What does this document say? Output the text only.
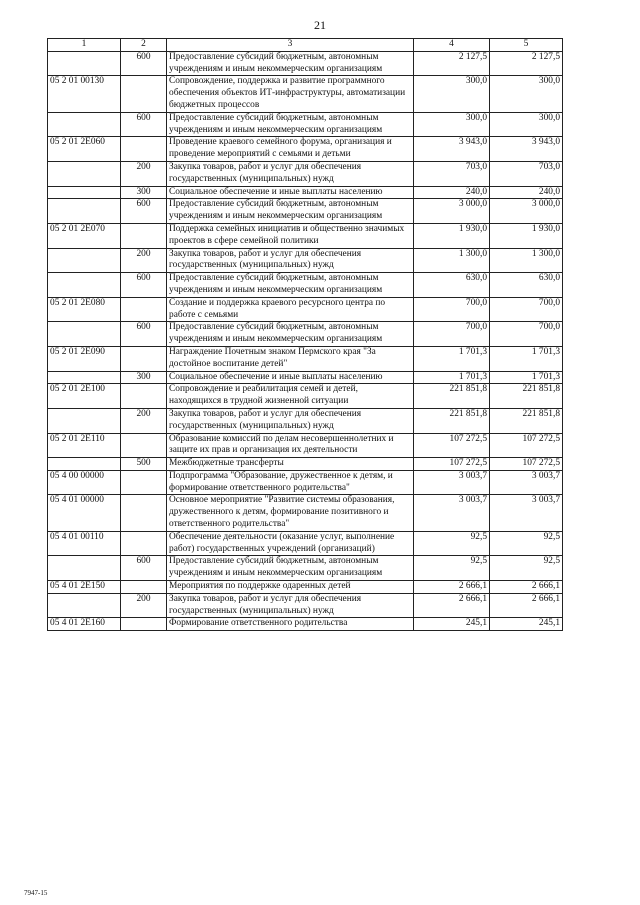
21
1	2	3	4	5
	600	Предоставление субсидий бюджетным, автономным учреждениям и иным некоммерческим организациям	2 127,5	2 127,5
05 2 01 00130		Сопровождение, поддержка и развитие программного обеспечения объектов ИТ-инфраструктуры, автоматизации бюджетных процессов	300,0	300,0
	600	Предоставление субсидий бюджетным, автономным учреждениям и иным некоммерческим организациям	300,0	300,0
05 2 01 2Е060		Проведение краевого семейного форума, организация и проведение мероприятий с семьями и детьми	3 943,0	3 943,0
	200	Закупка товаров, работ и услуг для обеспечения государственных (муниципальных) нужд	703,0	703,0
	300	Социальное обеспечение и иные выплаты населению	240,0	240,0
	600	Предоставление субсидий бюджетным, автономным учреждениям и иным некоммерческим организациям	3 000,0	3 000,0
05 2 01 2Е070		Поддержка семейных инициатив и общественно значимых проектов в сфере семейной политики	1 930,0	1 930,0
	200	Закупка товаров, работ и услуг для обеспечения государственных (муниципальных) нужд	1 300,0	1 300,0
	600	Предоставление субсидий бюджетным, автономным учреждениям и иным некоммерческим организациям	630,0	630,0
05 2 01 2Е080		Создание и поддержка краевого ресурсного центра по работе с семьями	700,0	700,0
	600	Предоставление субсидий бюджетным, автономным учреждениям и иным некоммерческим организациям	700,0	700,0
05 2 01 2Е090		Награждение Почетным знаком Пермского края "За достойное воспитание детей"	1 701,3	1 701,3
	300	Социальное обеспечение и иные выплаты населению	1 701,3	1 701,3
05 2 01 2Е100		Сопровождение и реабилитация семей и детей, находящихся в трудной жизненной ситуации	221 851,8	221 851,8
	200	Закупка товаров, работ и услуг для обеспечения государственных (муниципальных) нужд	221 851,8	221 851,8
05 2 01 2Е110		Образование комиссий по делам несовершеннолетних и защите их прав и организация их деятельности	107 272,5	107 272,5
	500	Межбюджетные трансферты	107 272,5	107 272,5
05 4 00 00000		Подпрограмма "Образование, дружественное к детям, и формирование ответственного родительства"	3 003,7	3 003,7
05 4 01 00000		Основное мероприятие "Развитие системы образования, дружественного к детям, формирование позитивного и ответственного родительства"	3 003,7	3 003,7
05 4 01 00110		Обеспечение деятельности (оказание услуг, выполнение работ) государственных учреждений (организаций)	92,5	92,5
	600	Предоставление субсидий бюджетным, автономным учреждениям и иным некоммерческим организациям	92,5	92,5
05 4 01 2Е150		Мероприятия по поддержке одаренных детей	2 666,1	2 666,1
	200	Закупка товаров, работ и услуг для обеспечения государственных (муниципальных) нужд	2 666,1	2 666,1
05 4 01 2Е160		Формирование ответственного родительства	245,1	245,1
7947-15
